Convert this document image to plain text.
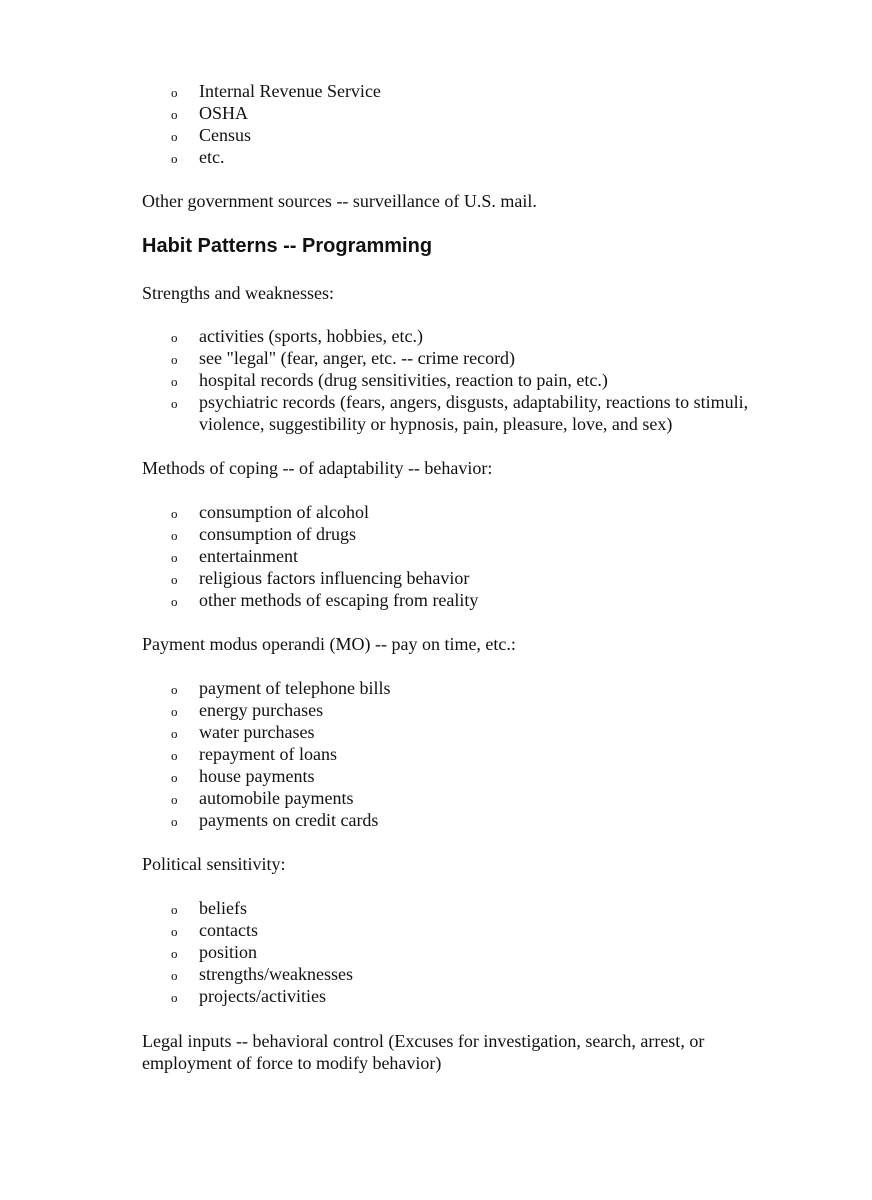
o Internal Revenue Service
o OSHA
o Census
o etc.

Other government sources -- surveillance of U.S. mail.

Habit Patterns -- Programming

Strengths and weaknesses:

o activities (sports, hobbies, etc.)
o see "legal" (fear, anger, etc. -- crime record)
o hospital records (drug sensitivities, reaction to pain, etc.)
o psychiatric records (fears, angers, disgusts, adaptability, reactions to stimuli, violence, suggestibility or hypnosis, pain, pleasure, love, and sex)

Methods of coping -- of adaptability -- behavior:

o consumption of alcohol
o consumption of drugs
o entertainment
o religious factors influencing behavior
o other methods of escaping from reality

Payment modus operandi (MO) -- pay on time, etc.:

o payment of telephone bills
o energy purchases
o water purchases
o repayment of loans
o house payments
o automobile payments
o payments on credit cards

Political sensitivity:

o beliefs
o contacts
o position
o strengths/weaknesses
o projects/activities

Legal inputs -- behavioral control (Excuses for investigation, search, arrest, or employment of force to modify behavior)
